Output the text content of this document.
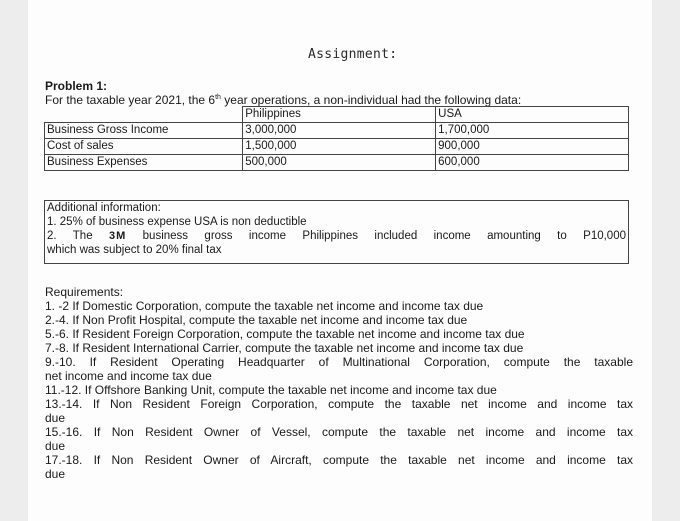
Assignment:
Problem 1:
For the taxable year 2021, the 6th year operations, a non-individual had the following data:
	Philippines	USA
Business Gross Income	3,000,000	1,700,000
Cost of sales	1,500,000	900,000
Business Expenses	500,000	600,000
Additional information:
1. 25% of business expense USA is non deductible
2. The 3M business gross income Philippines included income amounting to P10,000
which was subject to 20% final tax
Requirements:
1. -2 If Domestic Corporation, compute the taxable net income and income tax due
2.-4. If Non Profit Hospital, compute the taxable net income and income tax due
5.-6. If Resident Foreign Corporation, compute the taxable net income and income tax due
7.-8. If Resident International Carrier, compute the taxable net income and income tax due
9.-10. If Resident Operating Headquarter of Multinational Corporation, compute the taxable
net income and income tax due
11.-12. If Offshore Banking Unit, compute the taxable net income and income tax due
13.-14. If Non Resident Foreign Corporation, compute the taxable net income and income tax
due
15.-16. If Non Resident Owner of Vessel, compute the taxable net income and income tax
due
17.-18. If Non Resident Owner of Aircraft, compute the taxable net income and income tax
due
